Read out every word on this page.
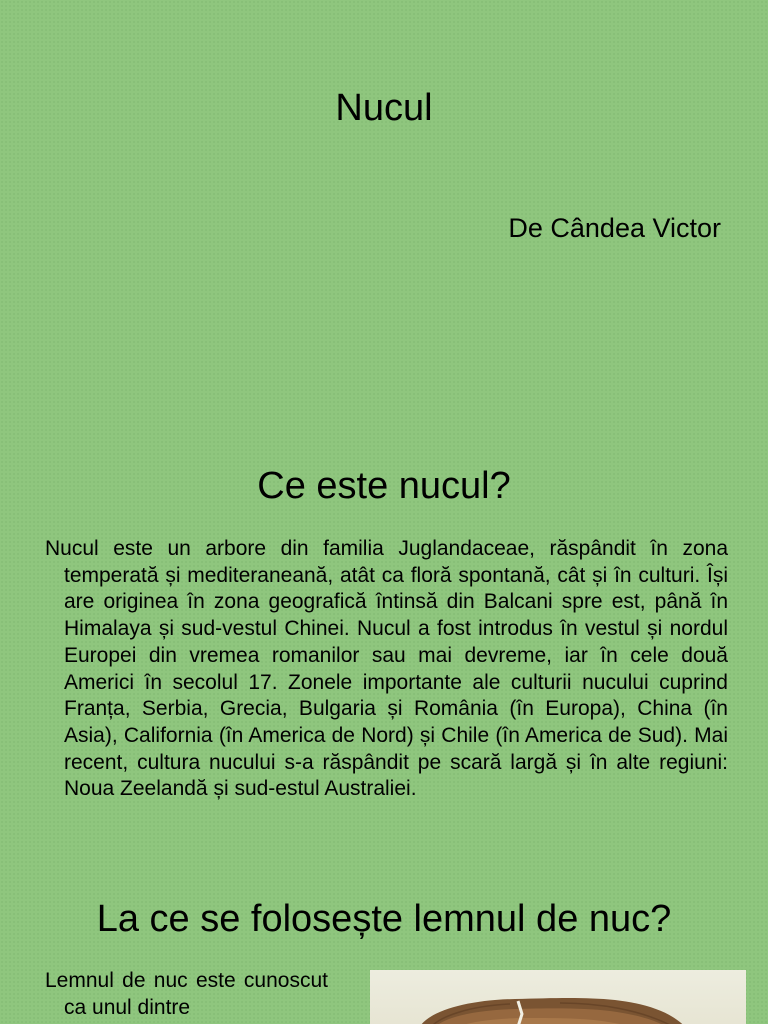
Nucul

De Cândea Victor

Ce este nucul?

Nucul este un arbore din familia Juglandaceae, răspândit în zona temperată și mediteraneană, atât ca floră spontană, cât și în culturi. Își are originea în zona geografică întinsă din Balcani spre est, până în Himalaya și sud-vestul Chinei. Nucul a fost introdus în vestul și nordul Europei din vremea romanilor sau mai devreme, iar în cele două Americi în secolul 17. Zonele importante ale culturii nucului cuprind Franța, Serbia, Grecia, Bulgaria și România (în Europa), China (în Asia), California (în America de Nord) și Chile (în America de Sud). Mai recent, cultura nucului s-a răspândit pe scară largă și în alte regiuni: Noua Zeelandă și sud-estul Australiei.

La ce se folosește lemnul de nuc?

Lemnul de nuc este cunoscut ca unul dintre
